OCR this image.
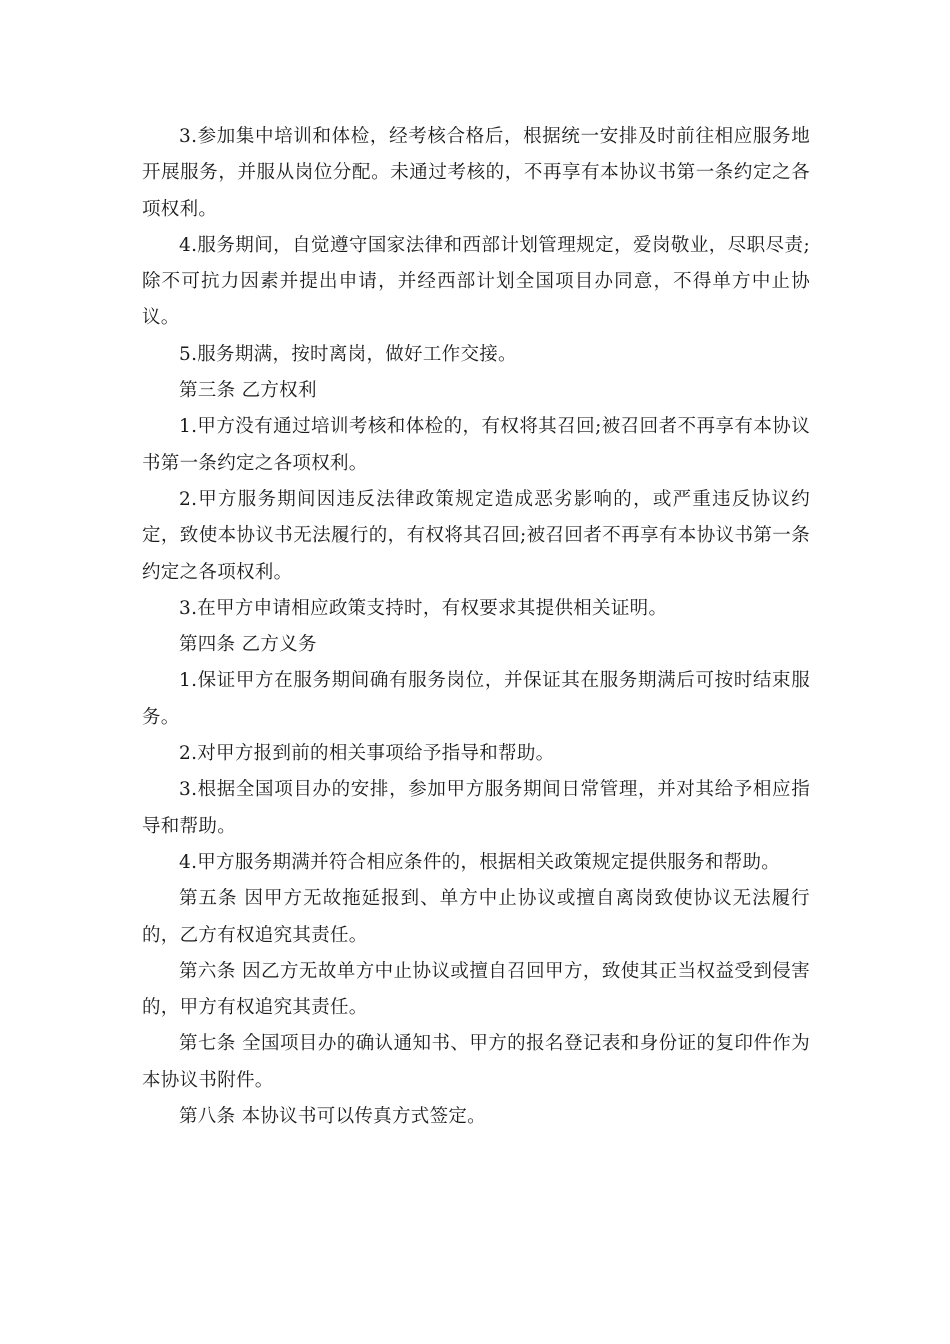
3.参加集中培训和体检，经考核合格后，根据统一安排及时前往相应服务地开展服务，并服从岗位分配。未通过考核的，不再享有本协议书第一条约定之各项权利。

4.服务期间，自觉遵守国家法律和西部计划管理规定，爱岗敬业，尽职尽责;除不可抗力因素并提出申请，并经西部计划全国项目办同意，不得单方中止协议。

5.服务期满，按时离岗，做好工作交接。

第三条 乙方权利

1.甲方没有通过培训考核和体检的，有权将其召回;被召回者不再享有本协议书第一条约定之各项权利。

2.甲方服务期间因违反法律政策规定造成恶劣影响的，或严重违反协议约定，致使本协议书无法履行的，有权将其召回;被召回者不再享有本协议书第一条约定之各项权利。

3.在甲方申请相应政策支持时，有权要求其提供相关证明。

第四条 乙方义务

1.保证甲方在服务期间确有服务岗位，并保证其在服务期满后可按时结束服务。

2.对甲方报到前的相关事项给予指导和帮助。

3.根据全国项目办的安排，参加甲方服务期间日常管理，并对其给予相应指导和帮助。

4.甲方服务期满并符合相应条件的，根据相关政策规定提供服务和帮助。

第五条 因甲方无故拖延报到、单方中止协议或擅自离岗致使协议无法履行的，乙方有权追究其责任。

第六条 因乙方无故单方中止协议或擅自召回甲方，致使其正当权益受到侵害的，甲方有权追究其责任。

第七条 全国项目办的确认通知书、甲方的报名登记表和身份证的复印件作为本协议书附件。

第八条 本协议书可以传真方式签定。
